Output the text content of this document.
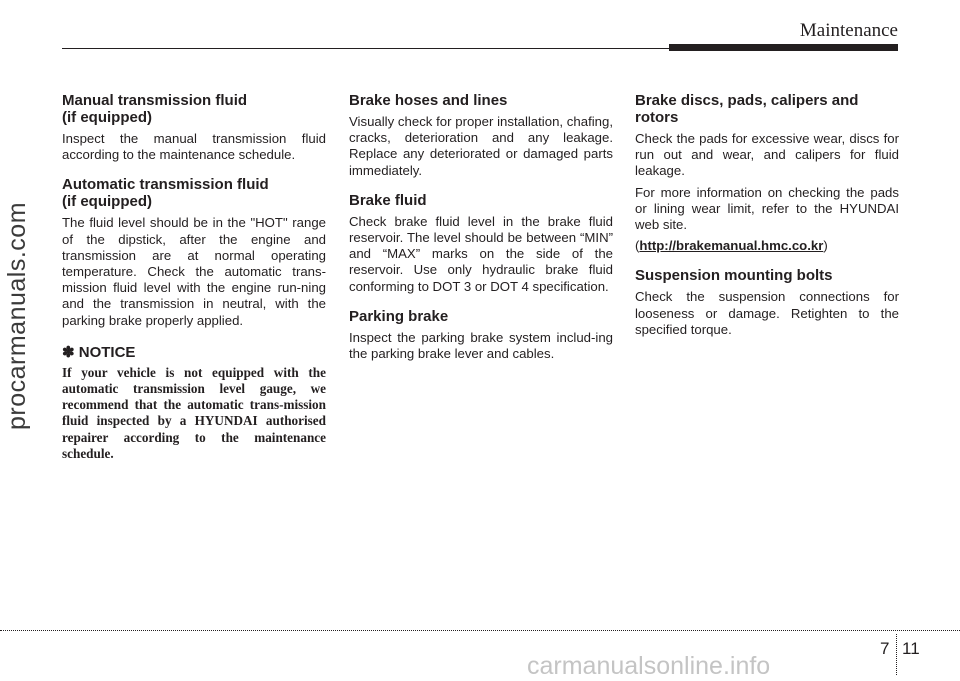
Maintenance
Manual transmission fluid
(if equipped)

Inspect the manual transmission fluid according to the maintenance schedule.

Automatic transmission fluid
(if equipped)

The fluid level should be in the "HOT" range of the dipstick, after the engine and transmission are at normal operating temperature. Check the automatic trans-mission fluid level with the engine run-ning and the transmission in neutral, with the parking brake properly applied.

✽ NOTICE

If your vehicle is not equipped with the automatic transmission level gauge, we recommend that the automatic trans-mission fluid inspected by a HYUNDAI authorised repairer according to the maintenance schedule.

Brake hoses and lines

Visually check for proper installation, chafing, cracks, deterioration and any leakage. Replace any deteriorated or damaged parts immediately.

Brake fluid

Check brake fluid level in the brake fluid reservoir. The level should be between “MIN” and “MAX” marks on the side of the reservoir. Use only hydraulic brake fluid conforming to DOT 3 or DOT 4 specification.

Parking brake

Inspect the parking brake system includ-ing the parking brake lever and cables.

Brake discs, pads, calipers and
rotors

Check the pads for excessive wear, discs for run out and wear, and calipers for fluid leakage.

For more information on checking the pads or lining wear limit, refer to the HYUNDAI web site.

(http://brakemanual.hmc.co.kr)

Suspension mounting bolts

Check the suspension connections for looseness or damage. Retighten to the specified torque.

procarmanuals.com
7 11
carmanualsonline.info
